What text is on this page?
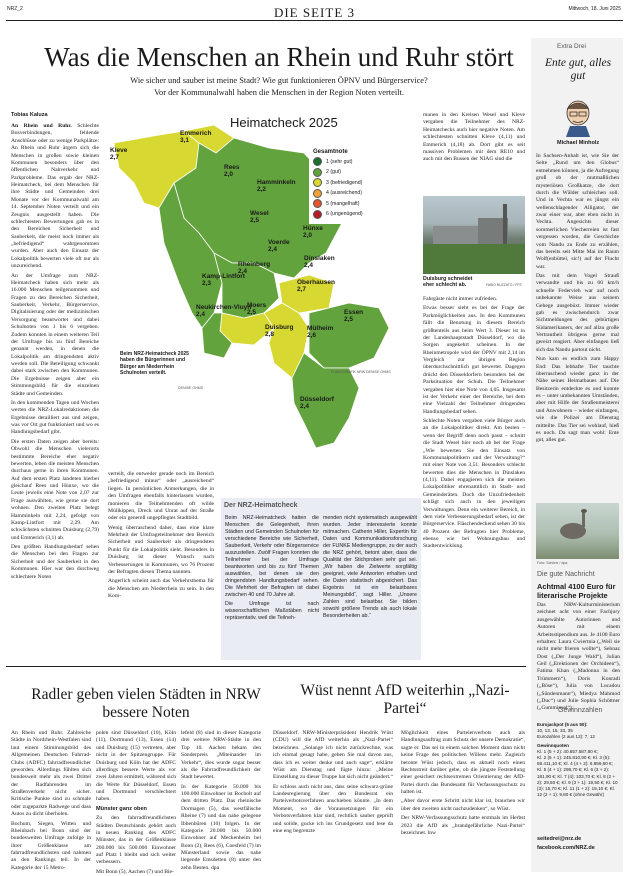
NRZ_2	DIE SEITE 3	Mittwoch, 18. Juni 2025
Was die Menschen an Rhein und Ruhr stört
Wie sicher und sauber ist meine Stadt? Wie gut funktionieren ÖPNV und Bürgerservice?
Vor der Kommunalwahl haben die Menschen in der Region Noten verteilt.
Tobias Kaluza

An Rhein und Ruhr. Schlechte Busverbindungen, fehlende Anschlüsse oder zu wenige Parkplätze: An Rhein und Ruhr ärgern sich die Menschen in großen sowie kleinen Kommunen besonders über den öffentlichen Nahverkehr und Parkprobleme. Das ergab der NRZ-Heimatcheck, bei dem Menschen für ihre Städte und Gemeinden drei Monate vor der Kommunalwahl am 14. September Noten verteilt und ein Zeugnis ausgestellt haben. Die schlechtesten Bewertungen gab es in den Bereichen Sicherheit und Sauberkeit, die meist noch immer als „befriedigend“ wahrgenommen wurden. Aber auch den Einsatz der Lokalpolitik bewerten viele oft nur als unzureichend.

An der Umfrage zum NRZ-Heimatcheck haben sich mehr als 16.000 Menschen teilgenommen und Fragen zu den Bereichen Sicherheit, Sauberkeit, Verkehr, Bürgerservice, Digitalisierung oder der medizinischen Versorgung beantwortet und dabei Schulnoten von 1 bis 6 vergeben. Zudem konnten in einem weiteren Teil der Umfrage bis zu fünf Bereiche genannt werden, in denen die Lokalpolitik am dringendsten aktiv werden soll. Die Beteiligung schwankt dabei stark zwischen den Kommunen. Die Ergebnisse zeigen aber ein Stimmungsbild für die einzelnen Städte und Gemeinden.

In den kommenden Tagen und Wochen werten die NRZ-Lokalredaktionen die Ergebnisse detailliert aus und zeigen, was vor Ort gut funktioniert und wo es Handlungsbedarf gibt.

Die ersten Daten zeigen aber bereits: Obwohl die Menschen vielerorts bestimmte Bereiche eher negativ bewerten, leben die meisten Menschen durchaus gerne in ihren Kommunen. Auf dem ersten Platz landeten hierbei gleichauf Rees und Hünxe, wo die Leute jeweils eine Note von 2,07 zur Frage auswählten, wie gerne sie dort wohnen. Den zweiten Platz belegt Hamminkeln mit 2,24, gefolgt von Kamp-Lintfort mit 2,29. Am schwächsten schnitten Duisburg (2,79) und Emmerich (3,1) ab.

Den größten Handlungsbedarf sehen die Menschen bei den Fragen zur Sicherheit und der Sauberkeit in den Kommunen. Hier war den durchweg schlechtere Noten

Heimatcheck 2025
Gesamtnote
1 (sehr gut)
2 (gut)
3 (befriedigend)
4 (ausreichend)
5 (mangelhaft)
6 (ungenügend)
Emmerich
3,1
Kleve
2,7
Rees
2,0
Hamminkeln
2,2
Wesel
2,5
Hünxe
2,0
Voerde
2,4
Dinslaken
2,4
Rheinberg
2,4
Kamp-Lintfort
2,3	Oberhausen
2,7
Moers
2,5
Neukirchen-Vluyn
2,4
Duisburg
2,8
Mülheim
2,6
Essen
2,5
Düsseldorf
2,4
Beim NRZ-Heimatcheck 2025 haben die Bürgerinnen und Bürger am Niederrhein Schulnoten verteilt.
DENISE OHMS
FUNKEGRAFIK NRW DENISE OHMS

verteilt, die entweder gerade noch im Bereich „befriedigend minus“ oder „ausreichend“ liegen. In persönlichen Anmerkungen, die in den Umfragen ebenfalls hinterlassen wurden, monieren die Teilnehmenden oft wilde Müllkippen, Dreck und Unrat auf der Straße oder ein generell ungepflegtes Stadtbild.

Wenig überraschend daher, dass eine klare Mehrheit der Umfrageteilnehmer den Bereich Sicherheit und Sauberkeit als dringendsten Punkt für die Lokalpolitik sieht. Besonders in Duisburg ist dieser Wunsch nach Verbesserungen in Kommunen, wo 76 Prozent der Befragten diesen Thema nannten.

Angerlich scheint auch das Verkehrsthema für die Menschen am Niederrhein zu sein. In den Kom-

Der NRZ-Heimatcheck

Beim NRZ-Heimatcheck hatten die Menschen die Gelegenheit, ihren Städten und Gemeinden Schulnoten für verschiedene Bereiche wie Sicherheit, Sauberkeit, Verkehr oder Bürgerservice auszustellen. Zwölf Fragen konnten die Teilnehmer bei der Umfrage beantworten und bis zu fünf Themen auswählen, bei denen sie den dringendsten Handlungsbedarf sehen. Die Mehrheit der Befragten ist dabei zwischen 40 und 70 Jahre alt.

Die Umfrage ist nach wissenschaftlichen Maßstäben nicht repräsentativ, weil die Teilneh-

menden nicht systematisch ausgewählt wurden. Jeder interessierte konnte mitmachen. Catherin Hiller, Expertin für Daten und Kommunikationsforschung der FUNKE Mediengruppe, zu der auch die NRZ gehört, betont aber, dass die Qualität der Stichproben sehr gut sei. „Wir haben die Zielwerte sorgfältig geeignet, viele Antworten erhalten und die Daten statistisch abgesichert. Das Ergebnis ist ein belastbares Meinungsbild“, sagt Hiller. „Unsere Zahlen sind belastbar. Sie bilden sowohl größere Trends als auch lokale Besonderheiten ab.“

munen in den Kreisen Wesel und Kleve vergaben die Teilnehmer des NRZ-Heimatchecks auch hier negative Noten. Am schlechtesten schnitten Kleve (4,11) und Emmerich (4,18) ab. Dort gibt es seit massiven Problemen mit dem RE10 und auch mit den Bussen der NIAG sind die

Duisburg schneidet eher schlecht ab.	FABIO BUZZATO / FFS

Fahrgäste nicht immer zufrieden.

Etwas besser sieht es bei der Frage der Parkmöglichkeiten aus. In den Kommunen fällt die Benotung in diesem Bereich größtenteils aus beim Wert 3. Dieser ist in der Landeshauptstadt Düsseldorf, wo die Sorgen ungekehrt scheinen. In der Rheinmetropole wird der ÖPNV mit 2,14 im Vergleich zur übrigen Region überdurchschnittlich gut bewertet. Dagegen drückt den Düsseldorfern besonders bei der Parksituation der Schuh. Die Teilnehmer vergaben hier eine Note von 4,05. Insgesamt ist der Verkehr einer der Bereiche, bei dem eine Vielzahl der Teilnehmer dringenden Handlungsbedarf sehen.

Schlechte Noten vergaben viele Bürger auch an die Lokalpolitiker direkt. Am besten – wenn der Begriff denn noch passt – schnitt die Stadt Wesel hier noch ab bei der Frage „Wie bewerten Sie den Einsatz von Kommunalpolitikern und der Verwaltung?“ mit einer Note von 3,51. Besonders schlecht bewerten dies die Menschen in Dinslaken (4,11). Dabei engagieren sich die meisten Lokalpolitiker ehrenamtlich in Stadt- und Gemeinderäten. Doch die Unzufriedenheit schlägt sich auch in den jeweiligen Verwaltungen. Denn ein weiterer Bereich, in dem viele Verbesserungsbedarf sehen, ist der Bürgerservice. Fläschendeckend sehen 30 bis 40 Prozent der Befragten hier Probleme, ebenso wie bei Wohnungsbau und Stadtentwicklung.

Extra Drei
Ente gut, alles gut
Michael Minholz

In Sachsen-Anhalt ist, wie Sie der Seite „Rund um den Globus“ entnehmen können, ja die Aufregung groß ob der mutmaßlichen mysteriösen Großkatze, die dort durch die Wälder schleichen soll. Und in Vechta war es jüngst ein wellenschlagender Alligator, der zwar einer war, aber eben nicht in Vechta. Angesichts dieser sommerlichen Viecherreien ist fast vergessen worden, die Geschichte vom Nandu zu Ende zu erzählen, das bereits seit Mitte Mai im Raum Wolf(enbüttel, sic!) auf der Flucht war.

Das mit dem Vogel Strauß verwandte und bis zu 60 km/h schnelle Federvieh war auf noch unbekannte Weise aus seinem Gehege ausgebüxt. Immer wieder gab es zwischendurch zwar Sichtmeldungen des gebürtigen Südamerikaners, der auf allzu große Vertrautheit übrigens gerne mal gereizt reagiert. Aber einfangen ließ sich das Nandu partout nicht.

Nun kam es endlich zum Happy End: Das lebhafte Tier tauchte überraschend wieder ganz in der Nähe seines Heimatbaues auf. Die Besitzerin entdeckte es und konnte es – unter umbekannten Umständen, aber mit Hilfe der Straßenmeisterei und Anwohnern – wieder einfangen, wie die Polizei am Dienstag mitteilte. Das Tier sei wohlauf, hieß es noch. Da sagt man wohl: Ente gut, alles gut.

Foto: Schöne / dpa
Die gute Nachricht
Achtmal 4100 Euro für literarische Projekte

Das NRW-Kulturministerium zeichnet acht von einer Fachjury ausgewählte Autorinnen und Autoren mit einem Arbeitsstipendium aus. Je 4100 Euro erhalten: Laura Cwiertnia („Weil sie nicht mehr frieren wollte“), Sehnaz Dost („Der Junge Wald“), Julian Geil („Erektionen der Orchideen“), Fatima Khan („Madonna in den Trümmern“), Doris Konradi („Böse“), Julia von Lucadou („Sündenmann“), Miedya Mahmod („Duc“) und Julie Sophia Schöttner („Gumminsel“).

Gewinnzahlen
Eurojackpot (5 aus 50):
10, 13, 15, 33, 35
Eurozahlen (2 aus 12): 7, 12
Gewinnquoten
Kl. 1 (5 + 2): 40.657.587,80 €;
Kl. 2 (5 + 1): 245.810,90 €; Kl. 3 (5):
59.411,10 €; Kl. 4 (4 + 2): 6.859,80 €;
Kl. 5 (4 + 1): 298,70 €; Kl. 6 (3 + 2):
181,90 €; Kl. 7 (4): 103,70 €; Kl. 8 (2 +
2): 29,50 €; Kl. 9 (3 + 1): 19,50 €; Kl. 10
(3): 15,70 €; Kl. 11 (1 + 2): 15,10 €; Kl.
12 (2 + 1): 9,80 € (ohne Gewähr)
seitedrei@nrz.de
facebook.com/NRZ.de
Radler geben vielen Städten in NRW bessere Noten

An Rhein und Ruhr. Zahlreiche Städte in Nordrhein-Westfalen sind laut einem Stimmungsbild des Allgemeinen Deutschen Fahrrad-Clubs (ADFC) fahrradfreundlicher geworden. Allerdings fühlten sich bundesweit mehr als zwei Drittel der Radfahrenden im Straßenverkehr nicht sicher. Kritische Punkte sind zu schmale oder zugeparkte Radwege und dass Autos zu dicht überholen.

Bochum, Siegen, Witten und Rheinbach bei Bonn sind der bundesweiten Umfrage zufolge in ihrer Größenklasse am fahrradfreundlichsten und nahmen an den Rankings teil. In der Kategorie der 15 Metro-

polen sind Düsseldorf (10), Köln (11), Dortmund (13), Essen (14) und Duisburg (15) vertreten, aber nicht in der Spitzengruppe. Für Duisburg und Köln hat der ADFC allerdings bessere Werte als vor zwei Jahren ermittelt, während sich die Werte für Düsseldorf, Essen und Dortmund verschlechtert haben.

Münster ganz oben

Zu den fahrradfreundlichsten Städten Deutschlands gehört auch in neuen Ranking des ADFC Münster, das in der Größenklasse 200.000 bis 500.000 Einwohner auf Platz 1 bleibt und sich weiter verbessern.

Mit Bonn (5), Aachen (7) und Bie-

lefeld (8) sind in dieser Kategorie drei weitere NRW-Städte in den Top 10. Aachen bekam den Sonderpreis „Miteinander im Verkehr“, dies wurde sogar besser als die Fahrradfreundlichkeit der Stadt bewertet.

In der Kategorie 50.000 bis 100.000 Einwohner ist Bocholt auf dem dritten Platz. Das rheinische Dormagen (5), das westfälische Rheine (7) und das nahe gelegene Ibbenbüren (10) folgen. In der Kategorie 20.000 bis 50.000 Einwohner auf Meckenheim bei Bonn (2), Rees (6), Coesfeld (7) im Münsterland sowie das nahe liegende Emsdetten (8) unter den zehn Besten. dpa

Wüst nennt AfD weiterhin „Nazi-Partei“

Düsseldorf. NRW-Ministerpräsident Hendrik Wüst (CDU) will die AfD weiterhin als „Nazi-Partei“ bezeichnen. „Solange ich nicht zurückrechne, was ich einmal gesagt habe, gehen Sie mal davon aus, dass ich es weiter denke und auch sage“, erklärte Wüst am Dienstag und fügte hinzu: „Meine Einstellung zu dieser Truppe hat sich nicht geändert.“

Er schloss auch nicht aus, dass seine schwarz-grüne Landesregierung über den Bundesrat ein Parteiverbotsverfahren anschieben könnte. „In dem Moment, wo die Voraussetzungen für ein Verbotsverfahren klar sind, rechtlich sauber geprüft und solide, gucke ich ins Grundgesetz und lese da eine eng begrenzte

Möglichkeit eines Parteienverbots auch als Handlungsauftrag zum Schutz der unsere Demokratie“, sagte er. Das sei in einem solchen Moment dann nicht keine Frage des politischen Willens mehr. Zugleich betonte Wüst jedoch, dass es aktuell noch einen Rechtsstreit darüber gebe, ob die jüngste Feststellung einer gesichert rechtsextremen Orientierung der AfD-Partei durch das Bundesamt für Verfassungsschutz zu halten ist.

„Aber davor erste Schritt nicht klar ist, brauchen wir über den zweiten nicht nachzudenken“, so Wüst.

Der NRW-Verfassungsschutz hatte erstmals im Herbst 2023 die AfD als „brandgefährliche Nazi-Partei“ bezeichnet. lnw
